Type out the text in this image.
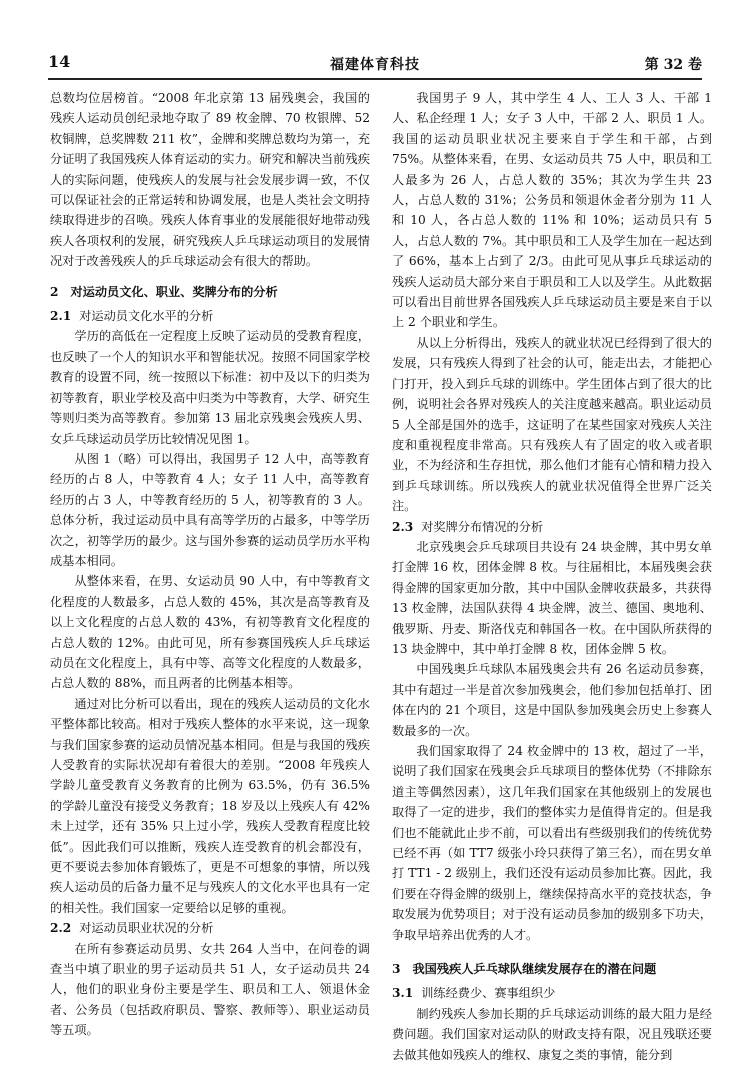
14	福建体育科技	第 32 卷

总数均位居榜首。“2008 年北京第 13 届残奥会，我国的残疾人运动员创纪录地夺取了 89 枚金牌、70 枚银牌、52 枚铜牌，总奖牌数 211 枚”，金牌和奖牌总数均为第一，充分证明了我国残疾人体育运动的实力。研究和解决当前残疾人的实际问题，使残疾人的发展与社会发展步调一致，不仅可以保证社会的正常运转和协调发展，也是人类社会文明持续取得进步的召唤。残疾人体育事业的发展能很好地带动残疾人各项权利的发展，研究残疾人乒乓球运动项目的发展情况对于改善残疾人的乒乓球运动会有很大的帮助。

2 对运动员文化、职业、奖牌分布的分析
2.1 对运动员文化水平的分析

学历的高低在一定程度上反映了运动员的受教育程度，也反映了一个人的知识水平和智能状况。按照不同国家学校教育的设置不同，统一按照以下标准：初中及以下的归类为初等教育，职业学校及高中归类为中等教育，大学、研究生等则归类为高等教育。参加第 13 届北京残奥会残疾人男、女乒乓球运动员学历比较情况见图 1。

从图 1（略）可以得出，我国男子 12 人中，高等教育经历的占 8 人，中等教育 4 人；女子 11 人中，高等教育经历的占 3 人，中等教育经历的 5 人，初等教育的 3 人。总体分析，我过运动员中具有高等学历的占最多，中等学历次之，初等学历的最少。这与国外参赛的运动员学历水平构成基本相同。

从整体来看，在男、女运动员 90 人中，有中等教育文化程度的人数最多，占总人数的 45%，其次是高等教育及以上文化程度的占总人数的 43%，有初等教育文化程度的占总人数的 12%。由此可见，所有参赛国残疾人乒乓球运动员在文化程度上，具有中等、高等文化程度的人数最多，占总人数的 88%，而且两者的比例基本相等。

通过对比分析可以看出，现在的残疾人运动员的文化水平整体都比较高。相对于残疾人整体的水平来说，这一现象与我们国家参赛的运动员情况基本相同。但是与我国的残疾人受教育的实际状况却有着很大的差别。“2008 年残疾人学龄儿童受教育义务教育的比例为 63.5%，仍有 36.5% 的学龄儿童没有接受义务教育；18 岁及以上残疾人有 42% 未上过学，还有 35% 只上过小学，残疾人受教育程度比较低”。因此我们可以推断，残疾人连受教育的机会都没有，更不要说去参加体育锻炼了，更是不可想象的事情，所以残疾人运动员的后备力量不足与残疾人的文化水平也具有一定的相关性。我们国家一定要给以足够的重视。

2.2 对运动员职业状况的分析

在所有参赛运动员男、女共 264 人当中，在问卷的调查当中填了职业的男子运动员共 51 人，女子运动员共 24 人，他们的职业身份主要是学生、职员和工人、领退休金者、公务员（包括政府职员、警察、教师等）、职业运动员等五项。

我国男子 9 人，其中学生 4 人、工人 3 人、干部 1 人、私企经理 1 人；女子 3 人中，干部 2 人、职员 1 人。我国的运动员职业状况主要来自于学生和干部，占到 75%。从整体来看，在男、女运动员共 75 人中，职员和工人最多为 26 人，占总人数的 35%；其次为学生共 23 人，占总人数的 31%；公务员和领退休金者分别为 11 人和 10 人，各占总人数的 11% 和 10%；运动员只有 5 人，占总人数的 7%。其中职员和工人及学生加在一起达到了 66%，基本上占到了 2/3。由此可见从事乒乓球运动的残疾人运动员大部分来自于职员和工人以及学生。从此数据可以看出目前世界各国残疾人乒乓球运动员主要是来自于以上 2 个职业和学生。

从以上分析得出，残疾人的就业状况已经得到了很大的发展，只有残疾人得到了社会的认可，能走出去，才能把心门打开，投入到乒乓球的训练中。学生团体占到了很大的比例，说明社会各界对残疾人的关注度越来越高。职业运动员 5 人全部是国外的选手，这证明了在某些国家对残疾人关注度和重视程度非常高。只有残疾人有了固定的收入或者职业，不为经济和生存担忧，那么他们才能有心情和精力投入到乒乓球训练。所以残疾人的就业状况值得全世界广泛关注。

2.3 对奖牌分布情况的分析

北京残奥会乒乓球项目共设有 24 块金牌，其中男女单打金牌 16 枚，团体金牌 8 枚。与往届相比，本届残奥会获得金牌的国家更加分散，其中中国队金牌收获最多，共获得 13 枚金牌，法国队获得 4 块金牌，波兰、德国、奥地利、俄罗斯、丹麦、斯洛伐克和韩国各一枚。在中国队所获得的 13 块金牌中，其中单打金牌 8 枚，团体金牌 5 枚。

中国残奥乒乓球队本届残奥会共有 26 名运动员参赛，其中有超过一半是首次参加残奥会，他们参加包括单打、团体在内的 21 个项目，这是中国队参加残奥会历史上参赛人数最多的一次。

我们国家取得了 24 枚金牌中的 13 枚，超过了一半，说明了我们国家在残奥会乒乓球项目的整体优势（不排除东道主等偶然因素），这几年我们国家在其他级别上的发展也取得了一定的进步，我们的整体实力是值得肯定的。但是我们也不能就此止步不前，可以看出有些级别我们的传统优势已经不再（如 TT7 级张小玲只获得了第三名），而在男女单打 TT1 - 2 级别上，我们还没有运动员参加比赛。因此，我们要在夺得金牌的级别上，继续保持高水平的竞技状态，争取发展为优势项目；对于没有运动员参加的级别多下功夫，争取早培养出优秀的人才。

3 我国残疾人乒乓球队继续发展存在的潜在问题
3.1 训练经费少、赛事组织少

制约残疾人参加长期的乒乓球运动训练的最大阻力是经费问题。我们国家对运动队的财政支持有限，况且残联还要去做其他如残疾人的维权、康复之类的事情，能分到
